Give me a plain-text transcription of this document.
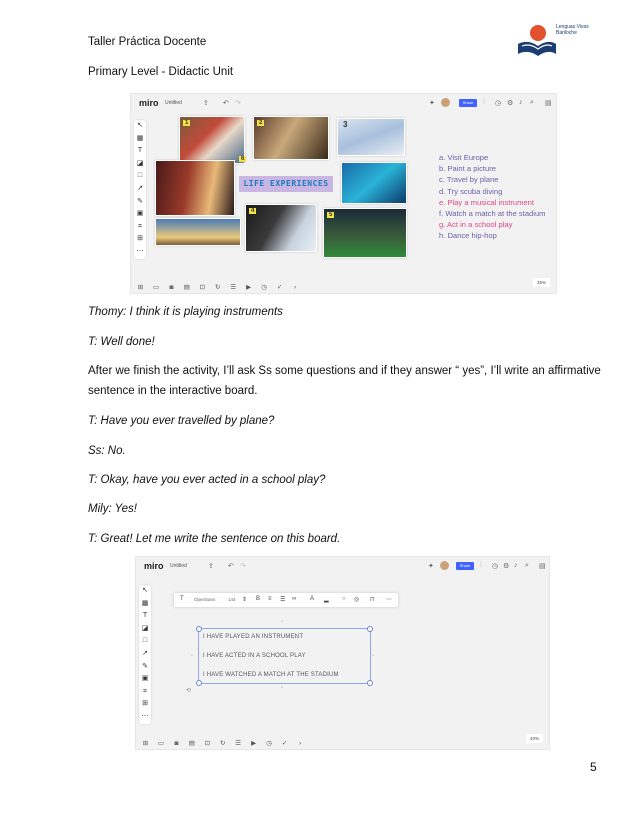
Taller Práctica Docente
Primary Level - Didactic Unit
Lenguas Vivas
Bariloche
miro Untitled	⇪ ↶ ↷	✦	Share	⫶ ◷ ⚙ ♪ ⌕ ▤
↖
▦
T
◪
□
↗
✎
▣
⌗
⊞
⋯
1	2	3
LIFE EXPERIENCES
4
5
6	a. Visit Europe
b. Paint a picture
c. Travel by plane
d. Try scuba diving
e. Play a musical instrument
f. Watch a match at the stadium
g. Act in a school play
h. Dance hip-hop
⊞ ▭ ◙ ▤ ⊡ ↻ ☰ ▶ ◷ ✓ ›
25%
Thomy: I think it is playing instruments
T: Well done!
After we finish the activity, I’ll ask Ss some questions and if they answer “ yes”, I’ll write an affirmative
sentence in the interactive board.
T: Have you ever travelled by plane?
Ss: No.
T: Okay, have you ever acted in a school play?
Mily: Yes!
T: Great! Let me write the sentence on this board.
miro Untitled	⇪ ↶ ↷	✦	Share	⫶ ◷ ⚙ ♪ ⌕ ▤
↖
▦
T
◪
□
↗
✎
▣
⌗
⊞
⋯
T OpenSans	144 ⇕ B ≡ ☰ ∞ A ▂ ○ ◎ ⊓ ⋯
•
•	•
•
I HAVE PLAYED AN INSTRUMENT
I HAVE ACTED IN A SCHOOL PLAY
I HAVE WATCHED A MATCH AT THE STADIUM
⟲
⊞ ▭ ◙ ▤ ⊡ ↻ ☰ ▶ ◷ ✓ ›
10%
5
